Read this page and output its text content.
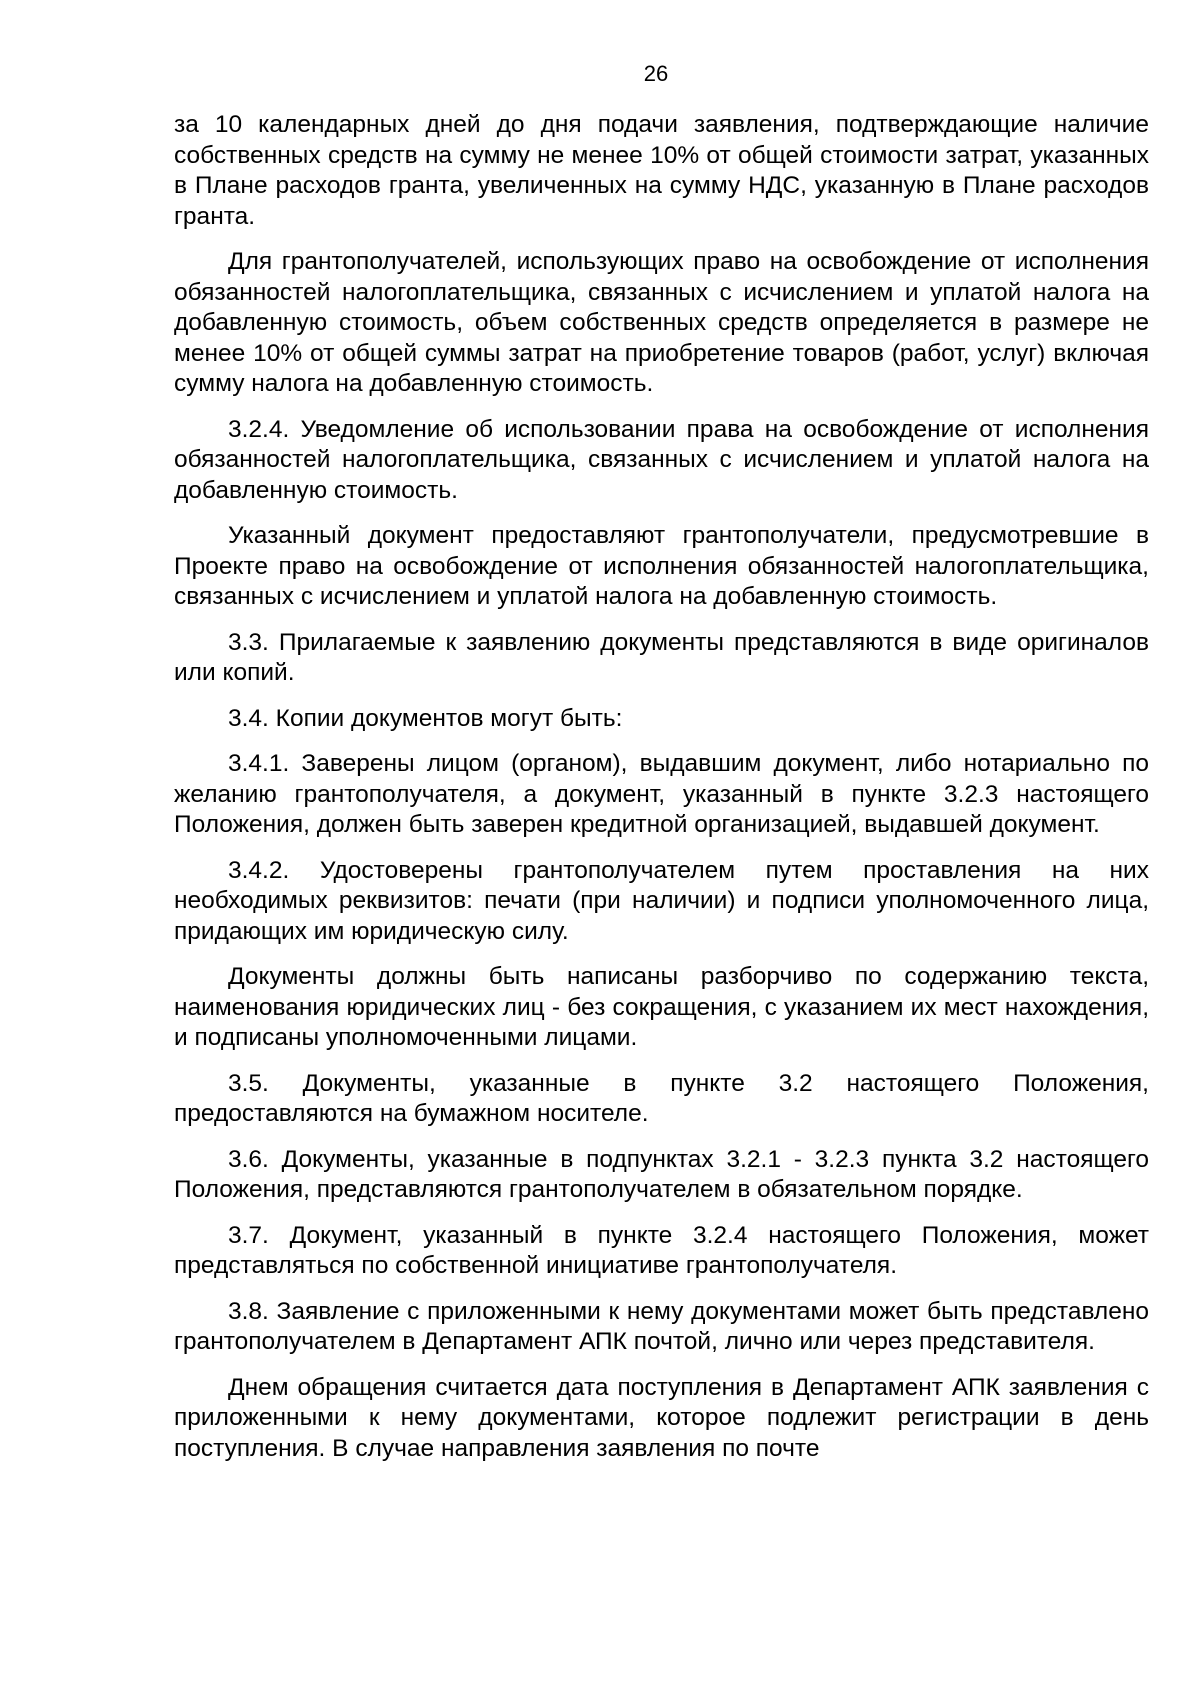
26

за 10 календарных дней до дня подачи заявления, подтверждающие наличие собственных средств на сумму не менее 10% от общей стоимости затрат, указанных в Плане расходов гранта, увеличенных на сумму НДС, указанную в Плане расходов гранта.

Для грантополучателей, использующих право на освобождение от исполнения обязанностей налогоплательщика, связанных с исчислением и уплатой налога на добавленную стоимость, объем собственных средств определяется в размере не менее 10% от общей суммы затрат на приобретение товаров (работ, услуг) включая сумму налога на добавленную стоимость.

3.2.4. Уведомление об использовании права на освобождение от исполнения обязанностей налогоплательщика, связанных с исчислением и уплатой налога на добавленную стоимость.

Указанный документ предоставляют грантополучатели, предусмотревшие в Проекте право на освобождение от исполнения обязанностей налогоплательщика, связанных с исчислением и уплатой налога на добавленную стоимость.

3.3. Прилагаемые к заявлению документы представляются в виде оригиналов или копий.

3.4. Копии документов могут быть:

3.4.1. Заверены лицом (органом), выдавшим документ, либо нотариально по желанию грантополучателя, а документ, указанный в пункте 3.2.3 настоящего Положения, должен быть заверен кредитной организацией, выдавшей документ.

3.4.2. Удостоверены грантополучателем путем проставления на них необходимых реквизитов: печати (при наличии) и подписи уполномоченного лица, придающих им юридическую силу.

Документы должны быть написаны разборчиво по содержанию текста, наименования юридических лиц - без сокращения, с указанием их мест нахождения, и подписаны уполномоченными лицами.

3.5. Документы, указанные в пункте 3.2 настоящего Положения, предоставляются на бумажном носителе.

3.6. Документы, указанные в подпунктах 3.2.1 - 3.2.3 пункта 3.2 настоящего Положения, представляются грантополучателем в обязательном порядке.

3.7. Документ, указанный в пункте 3.2.4 настоящего Положения, может представляться по собственной инициативе грантополучателя.

3.8. Заявление с приложенными к нему документами может быть представлено грантополучателем в Департамент АПК почтой, лично или через представителя.

Днем обращения считается дата поступления в Департамент АПК заявления с приложенными к нему документами, которое подлежит регистрации в день поступления. В случае направления заявления по почте
